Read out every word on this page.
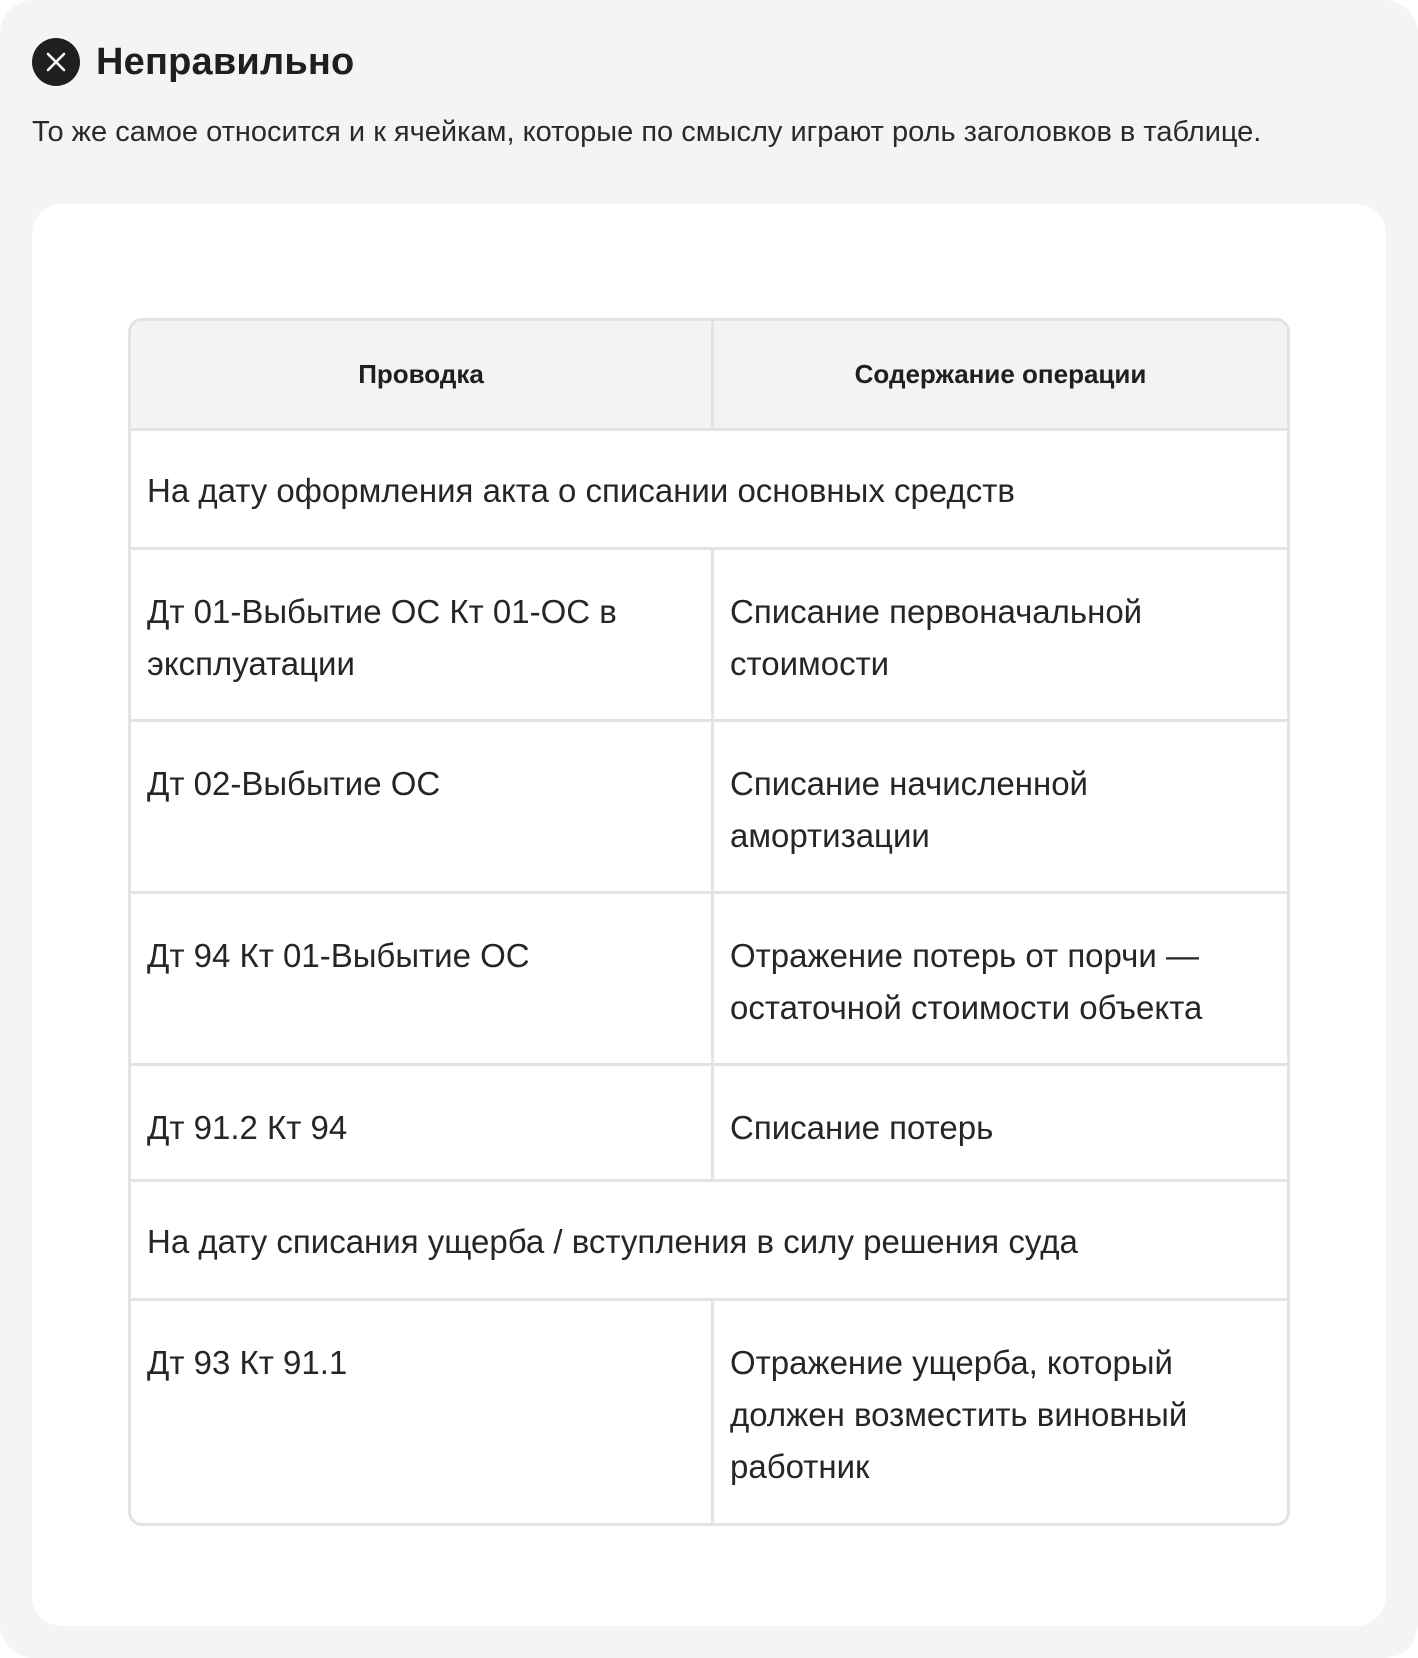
Неправильно
То же самое относится и к ячейкам, которые по смыслу играют роль заголовков в таблице.
Проводка	Содержание операции
На дату оформления акта о списании основных средств	
Дт 01-Выбытие ОС Кт 01-ОС в эксплуатации	Списание первоначальной стоимости
Дт 02-Выбытие ОС	Списание начисленной амортизации
Дт 94 Кт 01-Выбытие ОС	Отражение потерь от порчи — остаточной стоимости объекта
Дт 91.2 Кт 94	Списание потерь
На дату списания ущерба / вступления в силу решения суда	
Дт 93 Кт 91.1	Отражение ущерба, который должен возместить виновный работник
